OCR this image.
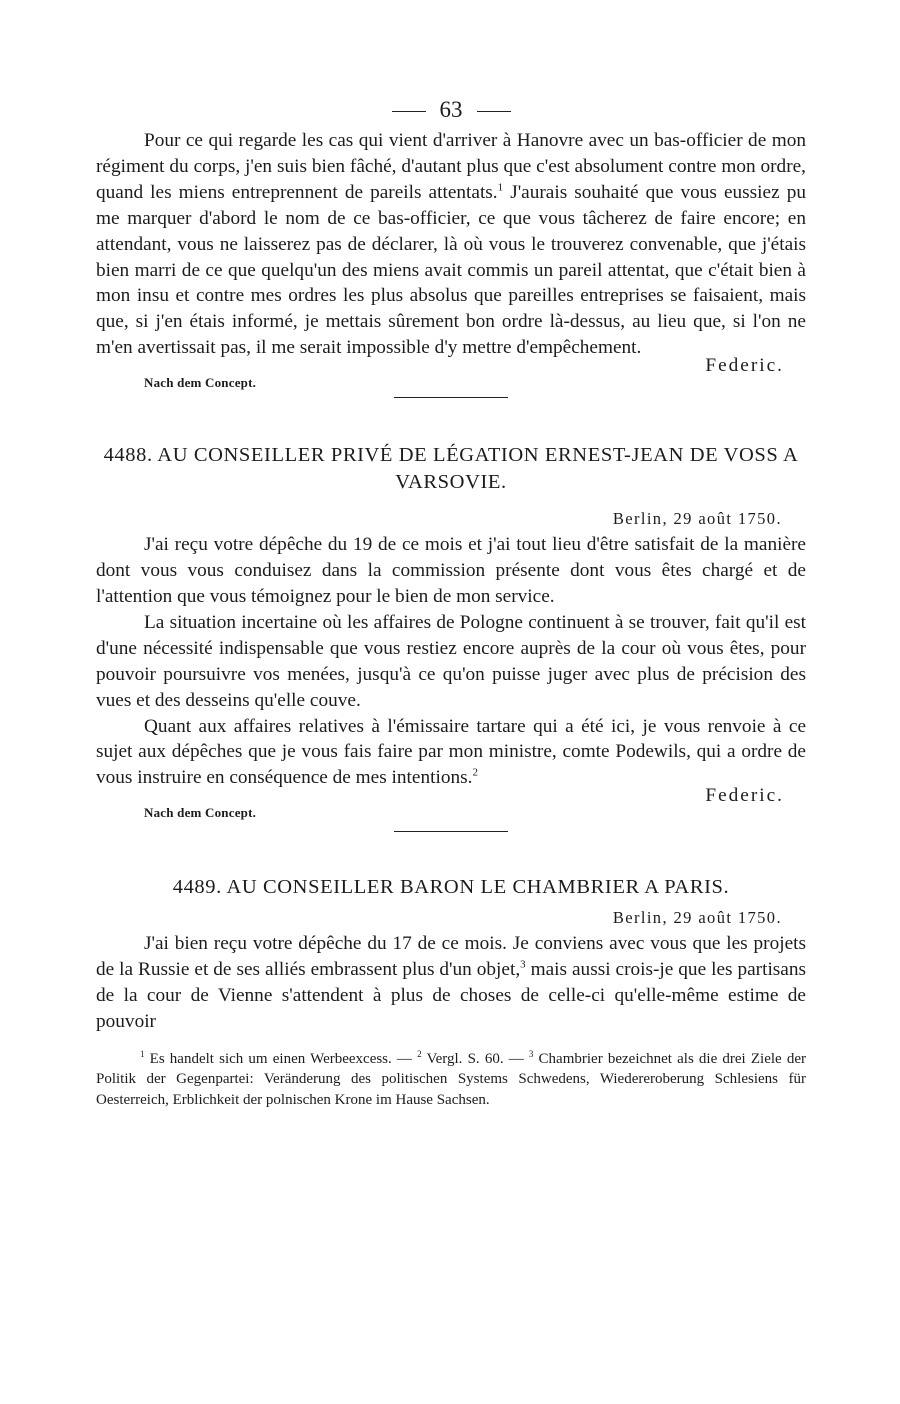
63

Pour ce qui regarde les cas qui vient d'arriver à Hanovre avec un bas-officier de mon régiment du corps, j'en suis bien fâché, d'autant plus que c'est absolument contre mon ordre, quand les miens entreprennent de pareils attentats.$^1$ J'aurais souhaité que vous eussiez pu me marquer d'abord le nom de ce bas-officier, ce que vous tâcherez de faire encore; en attendant, vous ne laisserez pas de déclarer, là où vous le trouverez convenable, que j'étais bien marri de ce que quelqu'un des miens avait commis un pareil attentat, que c'était bien à mon insu et contre mes ordres les plus absolus que pareilles entreprises se faisaient, mais que, si j'en étais informé, je mettais sûrement bon ordre là-dessus, au lieu que, si l'on ne m'en avertissait pas, il me serait impossible d'y mettre d'empêchement.

Nach dem Concept.
Federic.

4488. AU CONSEILLER PRIVÉ DE LÉGATION ERNEST-JEAN DE VOSS A VARSOVIE.

Berlin, 29 août 1750.

J'ai reçu votre dépêche du 19 de ce mois et j'ai tout lieu d'être satisfait de la manière dont vous vous conduisez dans la commission présente dont vous êtes chargé et de l'attention que vous témoignez pour le bien de mon service.

La situation incertaine où les affaires de Pologne continuent à se trouver, fait qu'il est d'une nécessité indispensable que vous restiez encore auprès de la cour où vous êtes, pour pouvoir poursuivre vos menées, jusqu'à ce qu'on puisse juger avec plus de précision des vues et des desseins qu'elle couve.

Quant aux affaires relatives à l'émissaire tartare qui a été ici, je vous renvoie à ce sujet aux dépêches que je vous fais faire par mon ministre, comte Podewils, qui a ordre de vous instruire en conséquence de mes intentions.$^2$

Nach dem Concept.
Federic.

4489. AU CONSEILLER BARON LE CHAMBRIER A PARIS.

Berlin, 29 août 1750.

J'ai bien reçu votre dépêche du 17 de ce mois. Je conviens avec vous que les projets de la Russie et de ses alliés embrassent plus d'un objet,$^3$ mais aussi crois-je que les partisans de la cour de Vienne s'attendent à plus de choses de celle-ci qu'elle-même estime de pouvoir

$^1$ Es handelt sich um einen Werbeexcess. — $^2$ Vergl. S. 60. — $^3$ Chambrier bezeichnet als die drei Ziele der Politik der Gegenpartei: Veränderung des politischen Systems Schwedens, Wiedereroberung Schlesiens für Oesterreich, Erblichkeit der polnischen Krone im Hause Sachsen.
